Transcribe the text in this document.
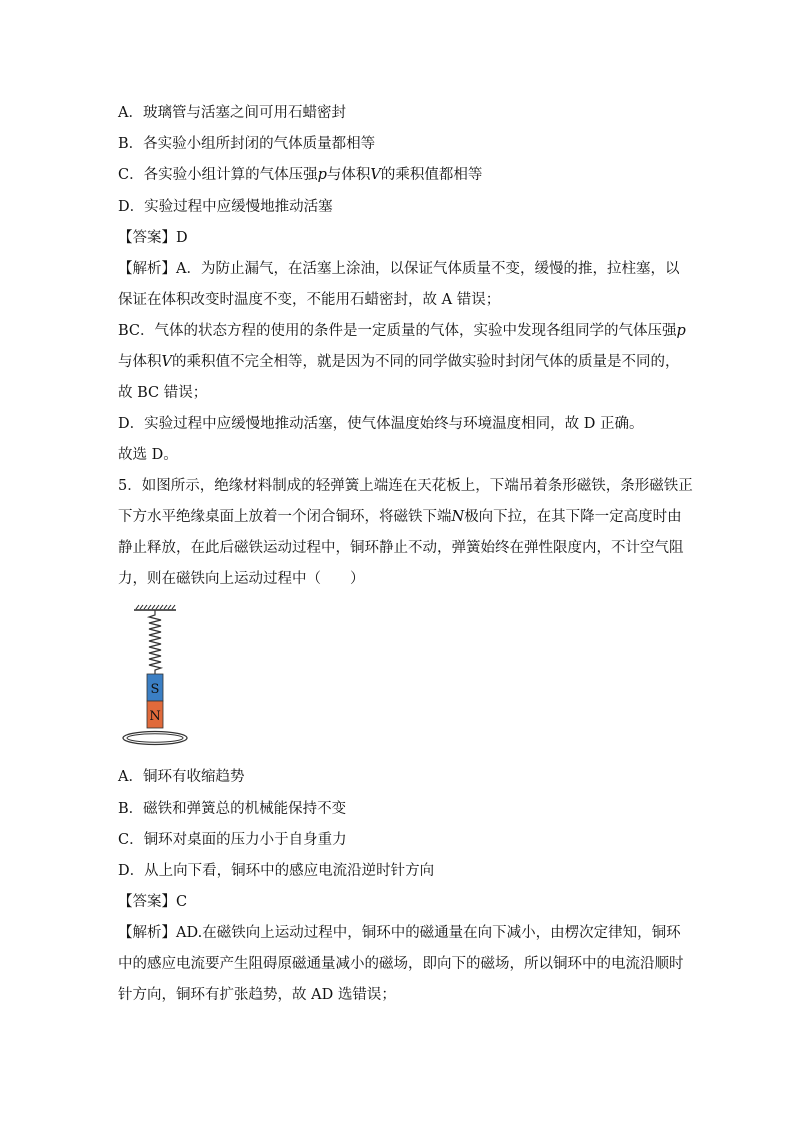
A．玻璃管与活塞之间可用石蜡密封
B．各实验小组所封闭的气体质量都相等
C．各实验小组计算的气体压强p与体积V的乘积值都相等
D．实验过程中应缓慢地推动活塞
【答案】D
【解析】A．为防止漏气，在活塞上涂油，以保证气体质量不变，缓慢的推，拉柱塞，以
保证在体积改变时温度不变，不能用石蜡密封，故 A 错误；
BC．气体的状态方程的使用的条件是一定质量的气体，实验中发现各组同学的气体压强p
与体积V的乘积值不完全相等，就是因为不同的同学做实验时封闭气体的质量是不同的，
故 BC 错误；
D．实验过程中应缓慢地推动活塞，使气体温度始终与环境温度相同，故 D 正确。
故选 D。
5．如图所示，绝缘材料制成的轻弹簧上端连在天花板上，下端吊着条形磁铁，条形磁铁正
下方水平绝缘桌面上放着一个闭合铜环，将磁铁下端N极向下拉，在其下降一定高度时由
静止释放，在此后磁铁运动过程中，铜环静止不动，弹簧始终在弹性限度内，不计空气阻
力，则在磁铁向上运动过程中（　　）
S
N
A．铜环有收缩趋势
B．磁铁和弹簧总的机械能保持不变
C．铜环对桌面的压力小于自身重力
D．从上向下看，铜环中的感应电流沿逆时针方向
【答案】C
【解析】AD.在磁铁向上运动过程中，铜环中的磁通量在向下减小，由楞次定律知，铜环
中的感应电流要产生阻碍原磁通量减小的磁场，即向下的磁场，所以铜环中的电流沿顺时
针方向，铜环有扩张趋势，故 AD 选错误；
